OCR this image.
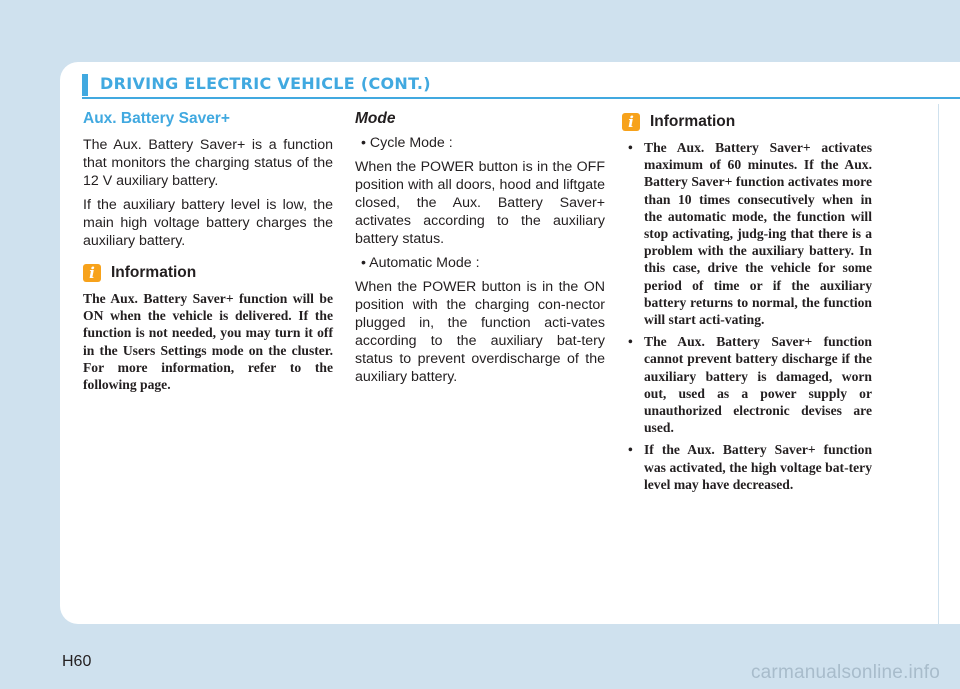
DRIVING ELECTRIC VEHICLE (CONT.)
Aux. Battery Saver+

The Aux. Battery Saver+ is a function that monitors the charging status of the 12 V auxiliary battery.

If the auxiliary battery level is low, the main high voltage battery charges the auxiliary battery.

i	Information

The Aux. Battery Saver+ function will be ON when the vehicle is delivered. If the function is not needed, you may turn it off in the Users Settings mode on the cluster. For more information, refer to the following page.

Mode
• Cycle Mode :

When the POWER button is in the OFF position with all doors, hood and liftgate closed, the Aux. Battery Saver+ activates according to the auxiliary battery status.

• Automatic Mode :

When the POWER button is in the ON position with the charging con-nector plugged in, the function acti-vates according to the auxiliary bat-tery status to prevent overdischarge of the auxiliary battery.

i	Information
• The Aux. Battery Saver+ activates maximum of 60 minutes. If the Aux. Battery Saver+ function activates more than 10 times consecutively when in the automatic mode, the function will stop activating, judg-ing that there is a problem with the auxiliary battery. In this case, drive the vehicle for some period of time or if the auxiliary battery returns to normal, the function will start acti-vating.
• The Aux. Battery Saver+ function cannot prevent battery discharge if the auxiliary battery is damaged, worn out, used as a power supply or unauthorized electronic devises are used.
• If the Aux. Battery Saver+ function was activated, the high voltage bat-tery level may have decreased.
H60
carmanualsonline.info
